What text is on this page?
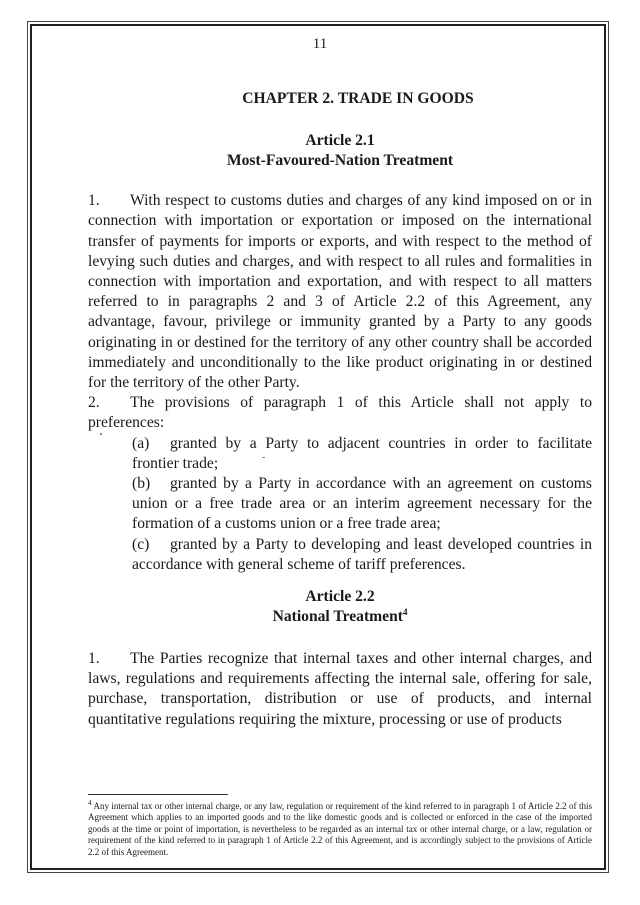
11
CHAPTER 2. TRADE IN GOODS
Article 2.1
Most-Favoured-Nation Treatment

1. With respect to customs duties and charges of any kind imposed on or in connection with importation or exportation or imposed on the international transfer of payments for imports or exports, and with respect to the method of levying such duties and charges, and with respect to all rules and formalities in connection with importation and exportation, and with respect to all matters referred to in paragraphs 2 and 3 of Article 2.2 of this Agreement, any advantage, favour, privilege or immunity granted by a Party to any goods originating in or destined for the territory of any other country shall be accorded immediately and unconditionally to the like product originating in or destined for the territory of the other Party.

2. The provisions of paragraph 1 of this Article shall not apply to preferences:

(a) granted by a Party to adjacent countries in order to facilitate frontier trade;

(b) granted by a Party in accordance with an agreement on customs union or a free trade area or an interim agreement necessary for the formation of a customs union or a free trade area;

(c) granted by a Party to developing and least developed countries in accordance with general scheme of tariff preferences.

Article 2.2
National Treatment$^4$

1. The Parties recognize that internal taxes and other internal charges, and laws, regulations and requirements affecting the internal sale, offering for sale, purchase, transportation, distribution or use of products, and internal quantitative regulations requiring the mixture, processing or use of products

$^4$ Any internal tax or other internal charge, or any law, regulation or requirement of the kind referred to in paragraph 1 of Article 2.2 of this Agreement which applies to an imported goods and to the like domestic goods and is collected or enforced in the case of the imported goods at the time or point of importation, is nevertheless to be regarded as an internal tax or other internal charge, or a law, regulation or requirement of the kind referred to in paragraph 1 of Article 2.2 of this Agreement, and is accordingly subject to the provisions of Article 2.2 of this Agreement.
